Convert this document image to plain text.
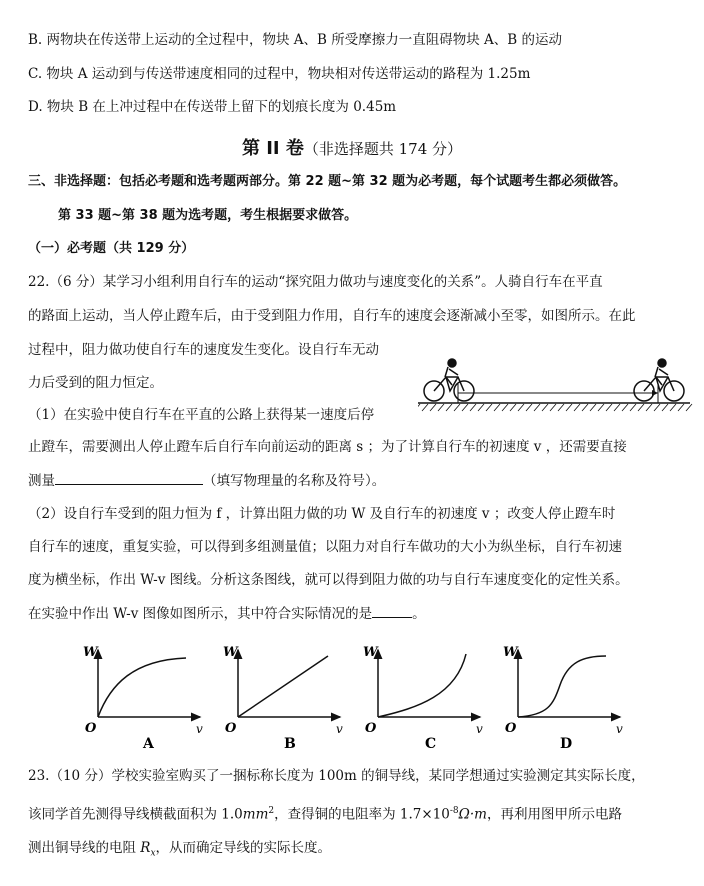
B. 两物块在传送带上运动的全过程中，物块 A、B 所受摩擦力一直阻碍物块 A、B 的运动
C. 物块 A 运动到与传送带速度相同的过程中，物块相对传送带运动的路程为 1.25m
D. 物块 B 在上冲过程中在传送带上留下的划痕长度为 0.45m
第 II 卷（非选择题共 174 分）
三、非选择题：包括必考题和选考题两部分。第 22 题~第 32 题为必考题，每个试题考生都必须做答。
第 33 题~第 38 题为选考题，考生根据要求做答。
（一）必考题（共 129 分）
22.（6 分）某学习小组利用自行车的运动“探究阻力做功与速度变化的关系”。人骑自行车在平直
的路面上运动，当人停止蹬车后，由于受到阻力作用，自行车的速度会逐渐减小至零，如图所示。在此
过程中，阻力做功使自行车的速度发生变化。设自行车无动
力后受到的阻力恒定。
（1）在实验中使自行车在平直的公路上获得某一速度后停
止蹬车，需要测出人停止蹬车后自行车向前运动的距离 s ；为了计算自行车的初速度 v ，还需要直接
测量	（填写物理量的名称及符号）。
（2）设自行车受到的阻力恒为 f ，计算出阻力做的功 W 及自行车的初速度 v ；改变人停止蹬车时
自行车的速度，重复实验，可以得到多组测量值；以阻力对自行车做功的大小为纵坐标，自行车初速
度为横坐标，作出 W-v 图线。分析这条图线，就可以得到阻力做的功与自行车速度变化的定性关系。
在实验中作出 W-v 图像如图所示，其中符合实际情况的是	。
W
v
O
A
W
v
O
B
W
v
O
C
W
v
O
D
23.（10 分）学校实验室购买了一捆标称长度为 100m 的铜导线，某同学想通过实验测定其实际长度，
该同学首先测得导线横截面积为 $1.0mm^2$，查得铜的电阻率为 $1.7\times 10^{-8}\Omega\cdot m$，再利用图甲所示电路
测出铜导线的电阻 $R_x$，从而确定导线的实际长度。
